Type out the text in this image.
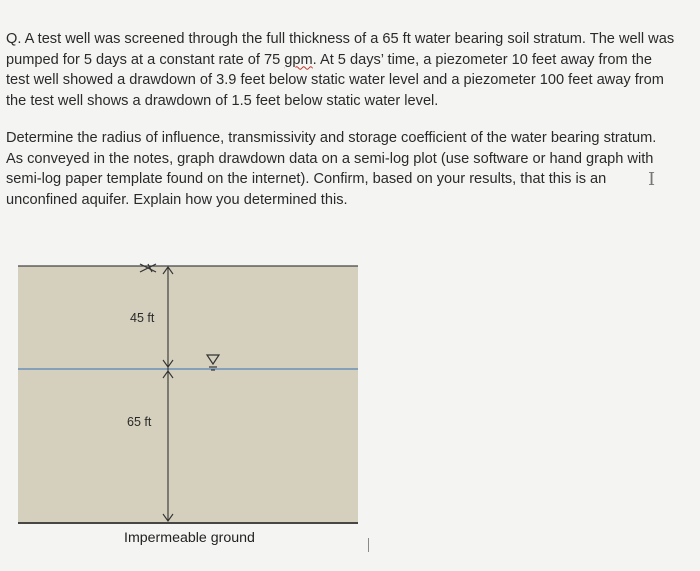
Q. A test well was screened through the full thickness of a 65 ft water bearing soil stratum. The well was
pumped for 5 days at a constant rate of 75 gpm. At 5 days’ time, a piezometer 10 feet away from the
test well showed a drawdown of 3.9 feet below static water level and a piezometer 100 feet away from
the test well shows a drawdown of 1.5 feet below static water level.

Determine the radius of influence, transmissivity and storage coefficient of the water bearing stratum.
As conveyed in the notes, graph drawdown data on a semi-log plot (use software or hand graph with
semi-log paper template found on the internet). Confirm, based on your results, that this is an
unconfined aquifer. Explain how you determined this.

I
45 ft
65 ft
Impermeable ground
